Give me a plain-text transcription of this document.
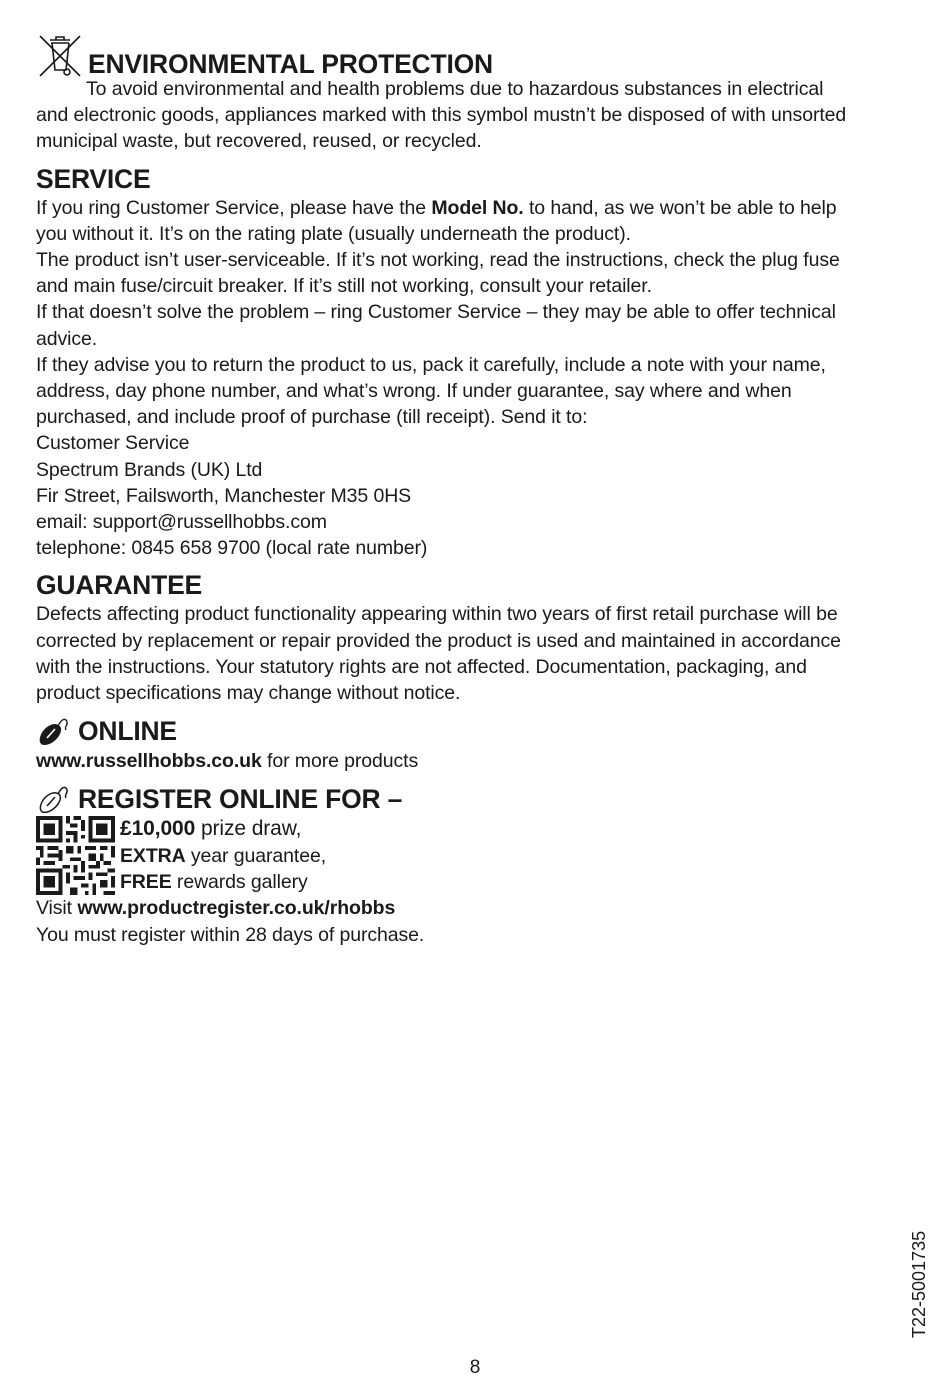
ENVIRONMENTAL PROTECTION

To avoid environmental and health problems due to hazardous substances in electrical

and electronic goods, appliances marked with this symbol mustn’t be disposed of with unsorted

municipal waste, but recovered, reused, or recycled.

SERVICE

If you ring Customer Service, please have the Model No. to hand, as we won’t be able to help

you without it. It’s on the rating plate (usually underneath the product).

The product isn’t user-serviceable. If it’s not working, read the instructions, check the plug fuse

and main fuse/circuit breaker. If it’s still not working, consult your retailer.

If that doesn’t solve the problem – ring Customer Service – they may be able to offer technical

advice.

If they advise you to return the product to us, pack it carefully, include a note with your name,

address, day phone number, and what’s wrong. If under guarantee, say where and when

purchased, and include proof of purchase (till receipt). Send it to:

Customer Service

Spectrum Brands (UK) Ltd

Fir Street, Failsworth, Manchester M35 0HS

email: support@russellhobbs.com

telephone: 0845 658 9700 (local rate number)

GUARANTEE

Defects affecting product functionality appearing within two years of first retail purchase will be

corrected by replacement or repair provided the product is used and maintained in accordance

with the instructions. Your statutory rights are not affected. Documentation, packaging, and

product specifications may change without notice.

ONLINE

www.russellhobbs.co.uk for more products

REGISTER ONLINE FOR –

£10,000 prize draw,

EXTRA year guarantee,

FREE rewards gallery

Visit www.productregister.co.uk/rhobbs

You must register within 28 days of purchase.

T22-5001735
8
